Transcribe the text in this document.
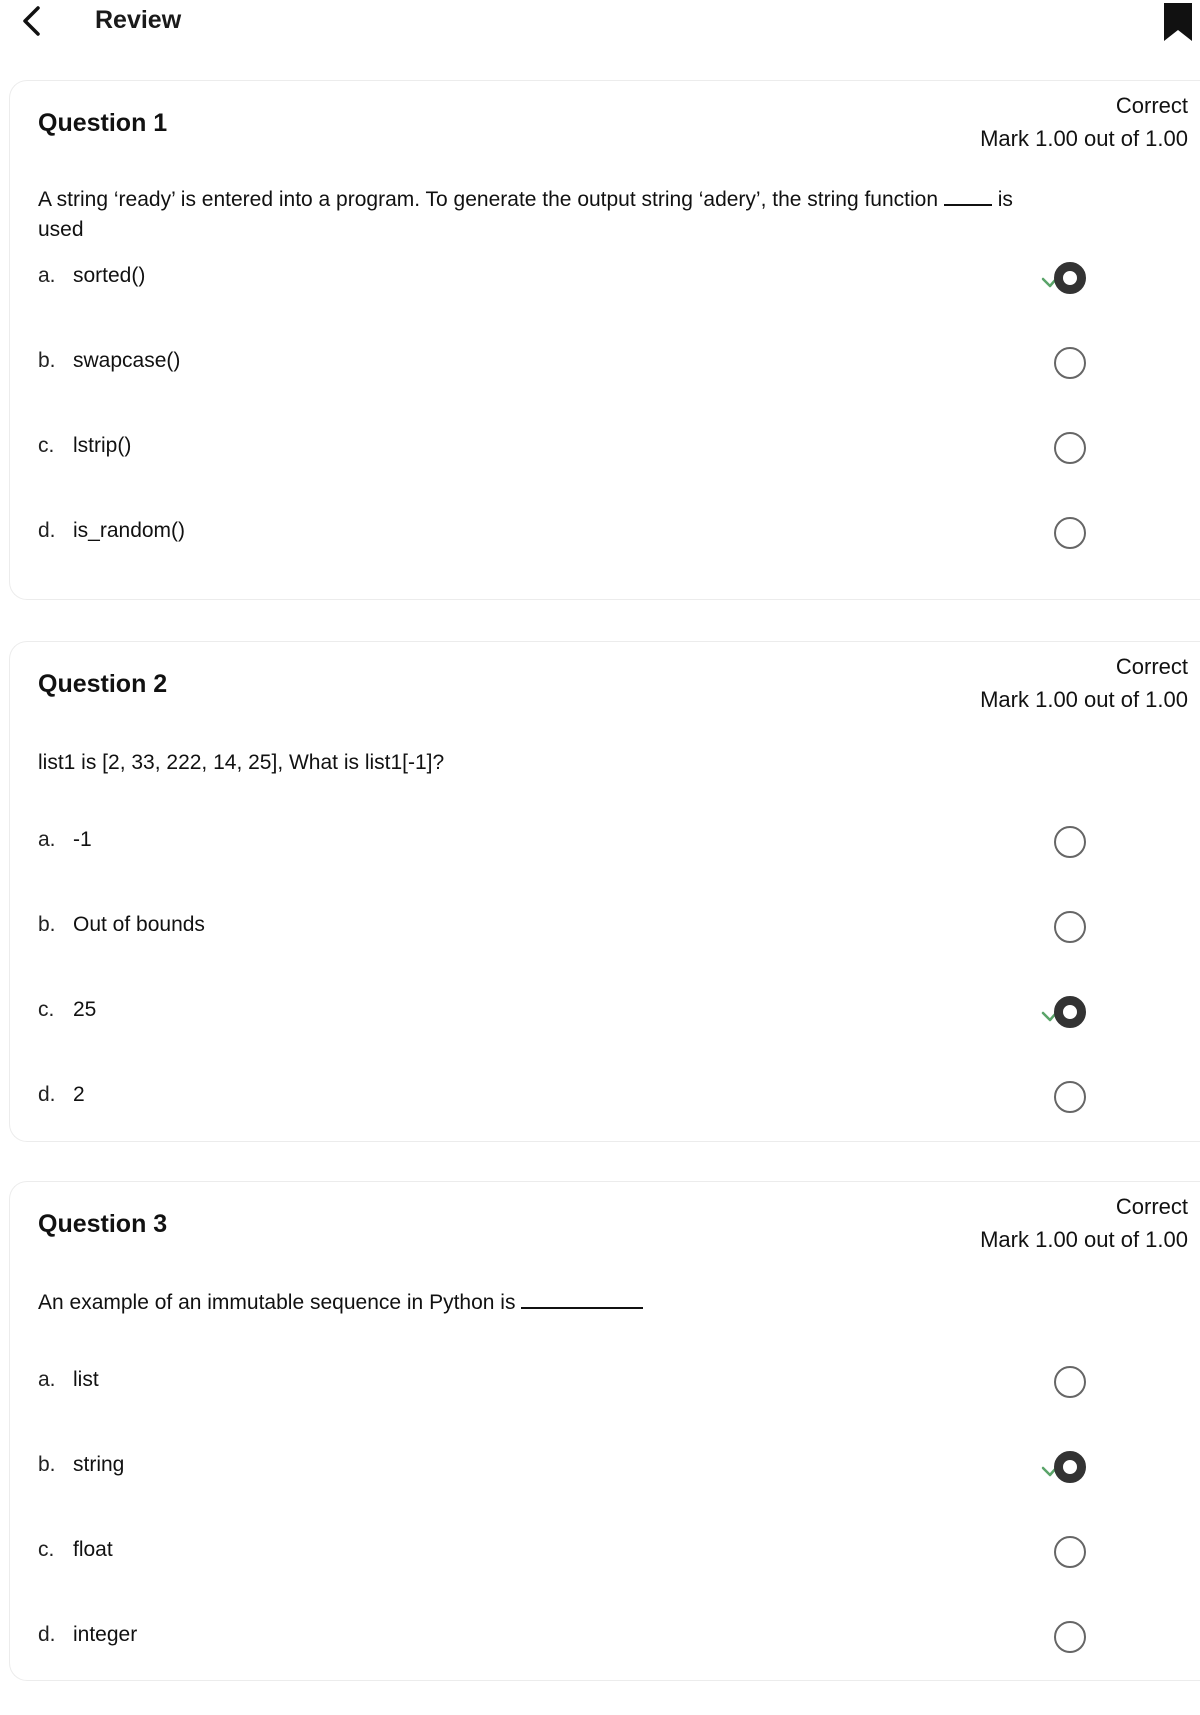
Review
Question 1
Correct
Mark 1.00 out of 1.00
A string ‘ready’ is entered into a program. To generate the output string ‘adery’, the string function	is
used
a. sorted()
b. swapcase()
c. lstrip()
d. is_random()
Question 2
Correct
Mark 1.00 out of 1.00
list1 is [2, 33, 222, 14, 25], What is list1[-1]?
a. -1
b. Out of bounds
c. 25
d. 2
Question 3
Correct
Mark 1.00 out of 1.00
An example of an immutable sequence in Python is
a. list
b. string
c. float
d. integer
